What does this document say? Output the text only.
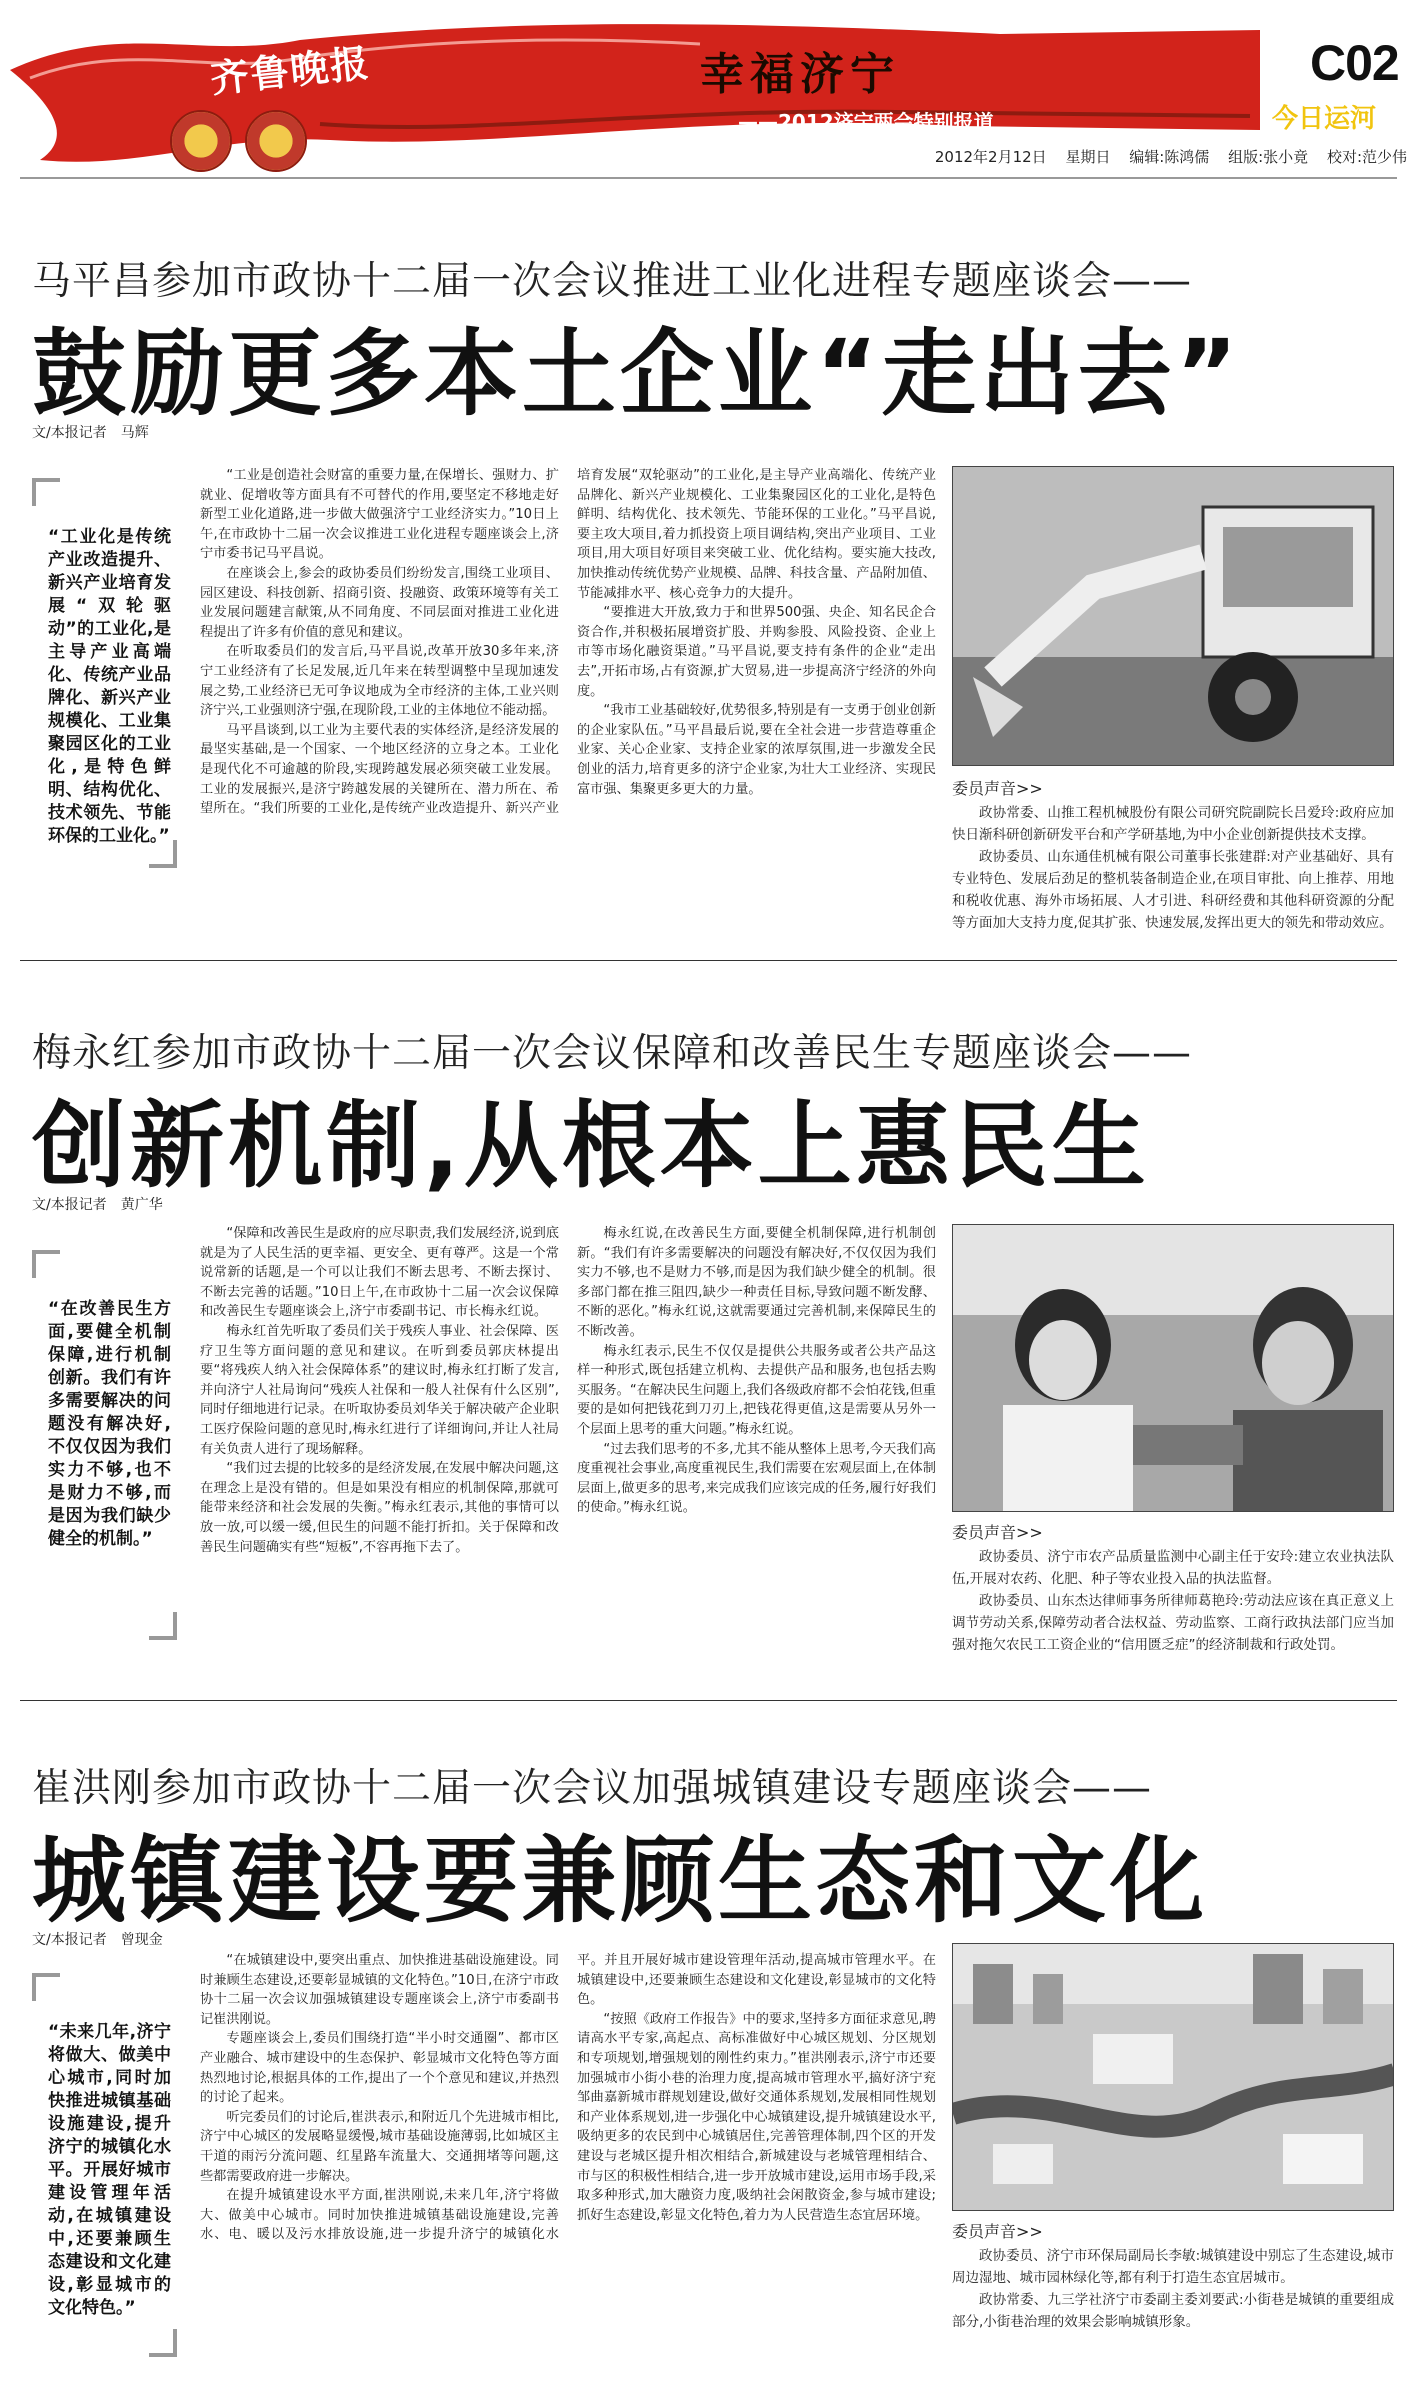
齐鲁晚报	幸福济宁
——2012济宁两会特别报道
C02
今日运河
2012年2月12日 星期日 编辑:陈鸿儒 组版:张小竟 校对:范少伟
马平昌参加市政协十二届一次会议推进工业化进程专题座谈会——
鼓励更多本土企业“走出去”
文/本报记者　马辉

“工业化是传统产业改造提升、新兴产业培育发展“双轮驱动”的工业化,是主导产业高端化、传统产业品牌化、新兴产业规模化、工业集聚园区化的工业化,是特色鲜明、结构优化、技术领先、节能环保的工业化。”

“工业是创造社会财富的重要力量,在保增长、强财力、扩就业、促增收等方面具有不可替代的作用,要坚定不移地走好新型工业化道路,进一步做大做强济宁工业经济实力。”10日上午,在市政协十二届一次会议推进工业化进程专题座谈会上,济宁市委书记马平昌说。

在座谈会上,参会的政协委员们纷纷发言,围绕工业项目、园区建设、科技创新、招商引资、投融资、政策环境等有关工业发展问题建言献策,从不同角度、不同层面对推进工业化进程提出了许多有价值的意见和建议。

在听取委员们的发言后,马平昌说,改革开放30多年来,济宁工业经济有了长足发展,近几年来在转型调整中呈现加速发展之势,工业经济已无可争议地成为全市经济的主体,工业兴则济宁兴,工业强则济宁强,在现阶段,工业的主体地位不能动摇。

马平昌谈到,以工业为主要代表的实体经济,是经济发展的最坚实基础,是一个国家、一个地区经济的立身之本。工业化是现代化不可逾越的阶段,实现跨越发展必须突破工业发展。工业的发展振兴,是济宁跨越发展的关键所在、潜力所在、希望所在。“我们所要的工业化,是传统产业改造提升、新兴产业培育发展“双轮驱动”的工业化,是主导产业高端化、传统产业品牌化、新兴产业规模化、工业集聚园区化的工业化,是特色鲜明、结构优化、技术领先、节能环保的工业化。”马平昌说,要主攻大项目,着力抓投资上项目调结构,突出产业项目、工业项目,用大项目好项目来突破工业、优化结构。要实施大技改,加快推动传统优势产业规模、品牌、科技含量、产品附加值、节能减排水平、核心竞争力的大提升。

“要推进大开放,致力于和世界500强、央企、知名民企合资合作,并积极拓展增资扩股、并购参股、风险投资、企业上市等市场化融资渠道。”马平昌说,要支持有条件的企业“走出去”,开拓市场,占有资源,扩大贸易,进一步提高济宁经济的外向度。

“我市工业基础较好,优势很多,特别是有一支勇于创业创新的企业家队伍。”马平昌最后说,要在全社会进一步营造尊重企业家、关心企业家、支持企业家的浓厚氛围,进一步激发全民创业的活力,培育更多的济宁企业家,为壮大工业经济、实现民富市强、集聚更多更大的力量。	委员声音>>

政协常委、山推工程机械股份有限公司研究院副院长吕爱玲:政府应加快日渐科研创新研发平台和产学研基地,为中小企业创新提供技术支撑。

政协委员、山东通佳机械有限公司董事长张建群:对产业基础好、具有专业特色、发展后劲足的整机装备制造企业,在项目审批、向上推荐、用地和税收优惠、海外市场拓展、人才引进、科研经费和其他科研资源的分配等方面加大支持力度,促其扩张、快速发展,发挥出更大的领先和带动效应。

梅永红参加市政协十二届一次会议保障和改善民生专题座谈会——
创新机制,从根本上惠民生
文/本报记者　黄广华

“在改善民生方面,要健全机制保障,进行机制创新。我们有许多需要解决的问题没有解决好,不仅仅因为我们实力不够,也不是财力不够,而是因为我们缺少健全的机制。”

“保障和改善民生是政府的应尽职责,我们发展经济,说到底就是为了人民生活的更幸福、更安全、更有尊严。这是一个常说常新的话题,是一个可以让我们不断去思考、不断去探讨、不断去完善的话题。”10日上午,在市政协十二届一次会议保障和改善民生专题座谈会上,济宁市委副书记、市长梅永红说。

梅永红首先听取了委员们关于残疾人事业、社会保障、医疗卫生等方面问题的意见和建议。在听到委员郭庆林提出要“将残疾人纳入社会保障体系”的建议时,梅永红打断了发言,并向济宁人社局询问“残疾人社保和一般人社保有什么区别”,同时仔细地进行记录。在听取协委员刘华关于解决破产企业职工医疗保险问题的意见时,梅永红进行了详细询问,并让人社局有关负责人进行了现场解释。

“我们过去提的比较多的是经济发展,在发展中解决问题,这在理念上是没有错的。但是如果没有相应的机制保障,那就可能带来经济和社会发展的失衡。”梅永红表示,其他的事情可以放一放,可以缓一缓,但民生的问题不能打折扣。关于保障和改善民生问题确实有些“短板”,不容再拖下去了。

梅永红说,在改善民生方面,要健全机制保障,进行机制创新。“我们有许多需要解决的问题没有解决好,不仅仅因为我们实力不够,也不是财力不够,而是因为我们缺少健全的机制。很多部门都在推三阻四,缺少一种责任目标,导致问题不断发酵、不断的恶化。”梅永红说,这就需要通过完善机制,来保障民生的不断改善。

梅永红表示,民生不仅仅是提供公共服务或者公共产品这样一种形式,既包括建立机构、去提供产品和服务,也包括去购买服务。“在解决民生问题上,我们各级政府都不会怕花钱,但重要的是如何把钱花到刀刃上,把钱花得更值,这是需要从另外一个层面上思考的重大问题。”梅永红说。

“过去我们思考的不多,尤其不能从整体上思考,今天我们高度重视社会事业,高度重视民生,我们需要在宏观层面上,在体制层面上,做更多的思考,来完成我们应该完成的任务,履行好我们的使命。”梅永红说。

委员声音>>

政协委员、济宁市农产品质量监测中心副主任于安玲:建立农业执法队伍,开展对农药、化肥、种子等农业投入品的执法监督。

政协委员、山东杰达律师事务所律师葛艳玲:劳动法应该在真正意义上调节劳动关系,保障劳动者合法权益、劳动监察、工商行政执法部门应当加强对拖欠农民工工资企业的“信用匮乏症”的经济制裁和行政处罚。

崔洪刚参加市政协十二届一次会议加强城镇建设专题座谈会——
城镇建设要兼顾生态和文化
文/本报记者　曾现金

“未来几年,济宁将做大、做美中心城市,同时加快推进城镇基础设施建设,提升济宁的城镇化水平。开展好城市建设管理年活动,在城镇建设中,还要兼顾生态建设和文化建设,彰显城市的文化特色。”

“在城镇建设中,要突出重点、加快推进基础设施建设。同时兼顾生态建设,还要彰显城镇的文化特色。”10日,在济宁市政协十二届一次会议加强城镇建设专题座谈会上,济宁市委副书记崔洪刚说。

专题座谈会上,委员们围绕打造“半小时交通圈”、都市区产业融合、城市建设中的生态保护、彰显城市文化特色等方面热烈地讨论,根据具体的工作,提出了一个个意见和建议,并热烈的讨论了起来。

听完委员们的讨论后,崔洪表示,和附近几个先进城市相比,济宁中心城区的发展略显缓慢,城市基础设施薄弱,比如城区主干道的雨污分流问题、红星路车流量大、交通拥堵等问题,这些都需要政府进一步解决。

在提升城镇建设水平方面,崔洪刚说,未来几年,济宁将做大、做美中心城市。同时加快推进城镇基础设施建设,完善水、电、暖以及污水排放设施,进一步提升济宁的城镇化水平。并且开展好城市建设管理年活动,提高城市管理水平。在城镇建设中,还要兼顾生态建设和文化建设,彰显城市的文化特色。

“按照《政府工作报告》中的要求,坚持多方面征求意见,聘请高水平专家,高起点、高标准做好中心城区规划、分区规划和专项规划,增强规划的刚性约束力。”崔洪刚表示,济宁市还要加强城市小街小巷的治理力度,提高城市管理水平,搞好济宁兖邹曲嘉新城市群规划建设,做好交通体系规划,发展相同性规划和产业体系规划,进一步强化中心城镇建设,提升城镇建设水平,吸纳更多的农民到中心城镇居住,完善管理体制,四个区的开发建设与老城区提升相次相结合,新城建设与老城管理相结合、市与区的积极性相结合,进一步开放城市建设,运用市场手段,采取多种形式,加大融资力度,吸纳社会闲散资金,参与城市建设;抓好生态建设,彰显文化特色,着力为人民营造生态宜居环境。

委员声音>>

政协委员、济宁市环保局副局长李敏:城镇建设中别忘了生态建设,城市周边湿地、城市园林绿化等,都有利于打造生态宜居城市。

政协常委、九三学社济宁市委副主委刘要武:小街巷是城镇的重要组成部分,小街巷治理的效果会影响城镇形象。
